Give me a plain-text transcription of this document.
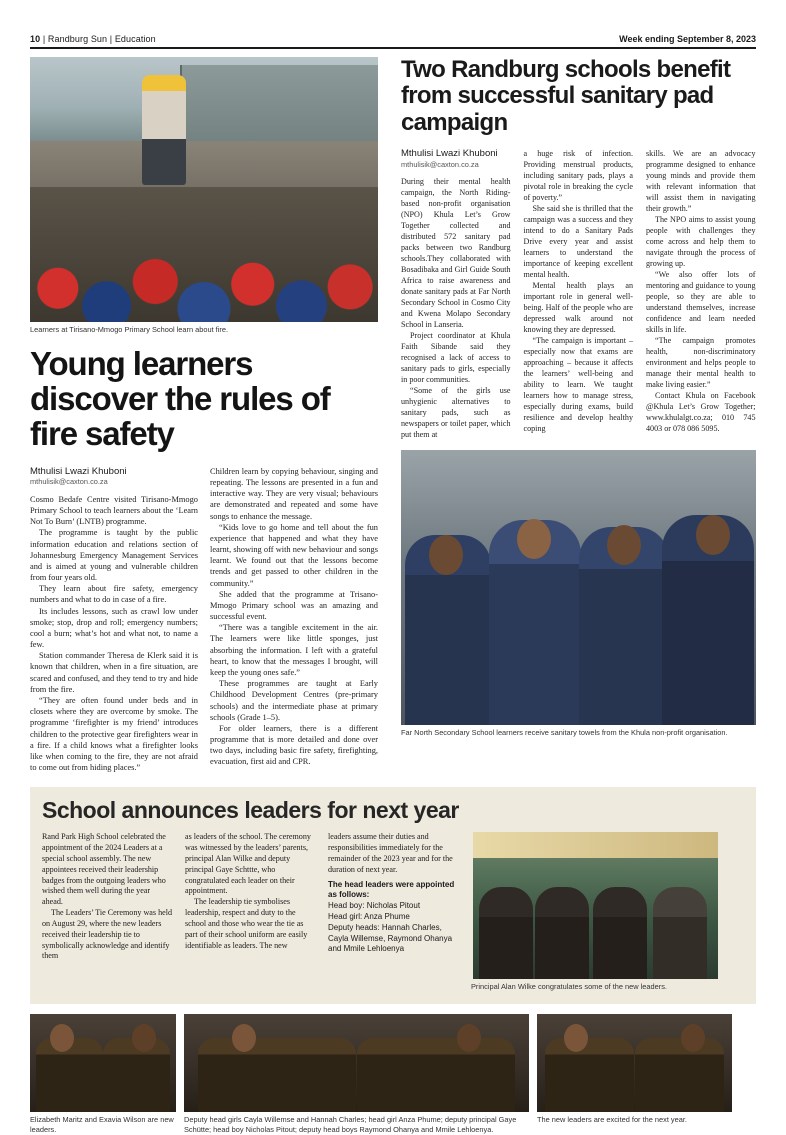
10 | Randburg Sun | Education	Week ending September 8, 2023
Learners at Tirisano-Mmogo Primary School learn about fire.
Young learners discover the rules of fire safety
Mthulisi Lwazi Khuboni
mthulisik@caxton.co.za

Cosmo Bedafe Centre visited Tirisano-Mmogo Primary School to teach learners about the ‘Learn Not To Burn’ (LNTB) programme.

The programme is taught by the public information education and relations section of Johannesburg Emergency Management Services and is aimed at young and vulnerable children from four years old.

They learn about fire safety, emergency numbers and what to do in case of a fire.

Its includes lessons, such as crawl low under smoke; stop, drop and roll; emergency numbers; cool a burn; what’s hot and what not, to name a few.

Station commander Theresa de Klerk said it is known that children, when in a fire situation, are scared and confused, and they tend to try and hide from the fire.

“They are often found under beds and in closets where they are overcome by smoke. The programme ‘firefighter is my friend’ introduces children to the protective gear firefighters wear in a fire. If a child knows what a firefighter looks like when coming to the fire, they are not afraid to come out from hiding places.”

Children learn by copying behaviour, singing and repeating. The lessons are presented in a fun and interactive way. They are very visual; behaviours are demonstrated and repeated and some have songs to enhance the message.

“Kids love to go home and tell about the fun experience that happened and what they have learnt, showing off with new behaviour and songs learnt. We found out that the lessons become trends and get passed to other children in the community.”

She added that the programme at Trisano-Mmogo Primary school was an amazing and successful event.

“There was a tangible excitement in the air. The learners were like little sponges, just absorbing the information. I left with a grateful heart, to know that the messages I brought, will keep the young ones safe.”

These programmes are taught at Early Childhood Development Centres (pre-primary schools) and the intermediate phase at primary schools (Grade 1–5).

For older learners, there is a different programme that is more detailed and done over two days, including basic fire safety, firefighting, evacuation, first aid and CPR.

Two Randburg schools benefit from successful sanitary pad campaign
Mthulisi Lwazi Khuboni
mthulisik@caxton.co.za

During their mental health campaign, the North Riding-based non-profit organisation (NPO) Khula Let’s Grow Together collected and distributed 572 sanitary pad packs between two Randburg schools.They collaborated with Bosadibaka and Girl Guide South Africa to raise awareness and donate sanitary pads at Far North Secondary School in Cosmo City and Kwena Molapo Secondary School in Lanseria.

Project coordinator at Khula Faith Sibande said they recognised a lack of access to sanitary pads to girls, especially in poor communities.

“Some of the girls use unhygienic alternatives to sanitary pads, such as newspapers or toilet paper, which put them at

a huge risk of infection. Providing menstrual products, including sanitary pads, plays a pivotal role in breaking the cycle of poverty.”

She said she is thrilled that the campaign was a success and they intend to do a Sanitary Pads Drive every year and assist learners to understand the importance of keeping excellent mental health.

Mental health plays an important role in general well-being. Half of the people who are depressed walk around not knowing they are depressed.

“The campaign is important – especially now that exams are approaching – because it affects the learners’ well-being and ability to learn. We taught learners how to manage stress, especially during exams, build resilience and develop healthy coping

skills. We are an advocacy programme designed to enhance young minds and provide them with relevant information that will assist them in navigating their growth.”

The NPO aims to assist young people with challenges they come across and help them to navigate through the process of growing up.

“We also offer lots of mentoring and guidance to young people, so they are able to understand themselves, increase confidence and learn needed skills in life.

“The campaign promotes health, non-discriminatory environment and helps people to manage their mental health to make living easier.”

Contact Khula on Facebook @Khula Let’s Grow Together; www.khulalgt.co.za; 010 745 4003 or 078 086 5095.

Far North Secondary School learners receive sanitary towels from the Khula non-profit organisation.
School announces leaders for next year

Rand Park High School celebrated the appointment of the 2024 Leaders at a special school assembly. The new appointees received their leadership badges from the outgoing leaders who wished them well during the year ahead.

The Leaders’ Tie Ceremony was held on August 29, where the new leaders received their leadership tie to symbolically acknowledge and identify them

as leaders of the school. The ceremony was witnessed by the leaders’ parents, principal Alan Wilke and deputy principal Gaye Schttte, who congratulated each leader on their appointment.

The leadership tie symbolises leadership, respect and duty to the school and those who wear the tie as part of their school uniform are easily identifiable as leaders. The new

leaders assume their duties and responsibilities immediately for the remainder of the 2023 year and for the duration of next year.

The head leaders were appointed as follows:

Head boy: Nicholas Pitout

Head girl: Anza Phume

Deputy heads: Hannah Charles, Cayla Willemse, Raymond Ohanya and Mmile Lehloenya

Principal Alan Wilke congratulates some of the new leaders.
Elizabeth Maritz and Exavia Wilson are new leaders.
Deputy head girls Cayla Willemse and Hannah Charles; head girl Anza Phume; deputy principal Gaye Schütte; head boy Nicholas Pitout; deputy head boys Raymond Ohanya and Mmile Lehloenya.
The new leaders are excited for the next year.
